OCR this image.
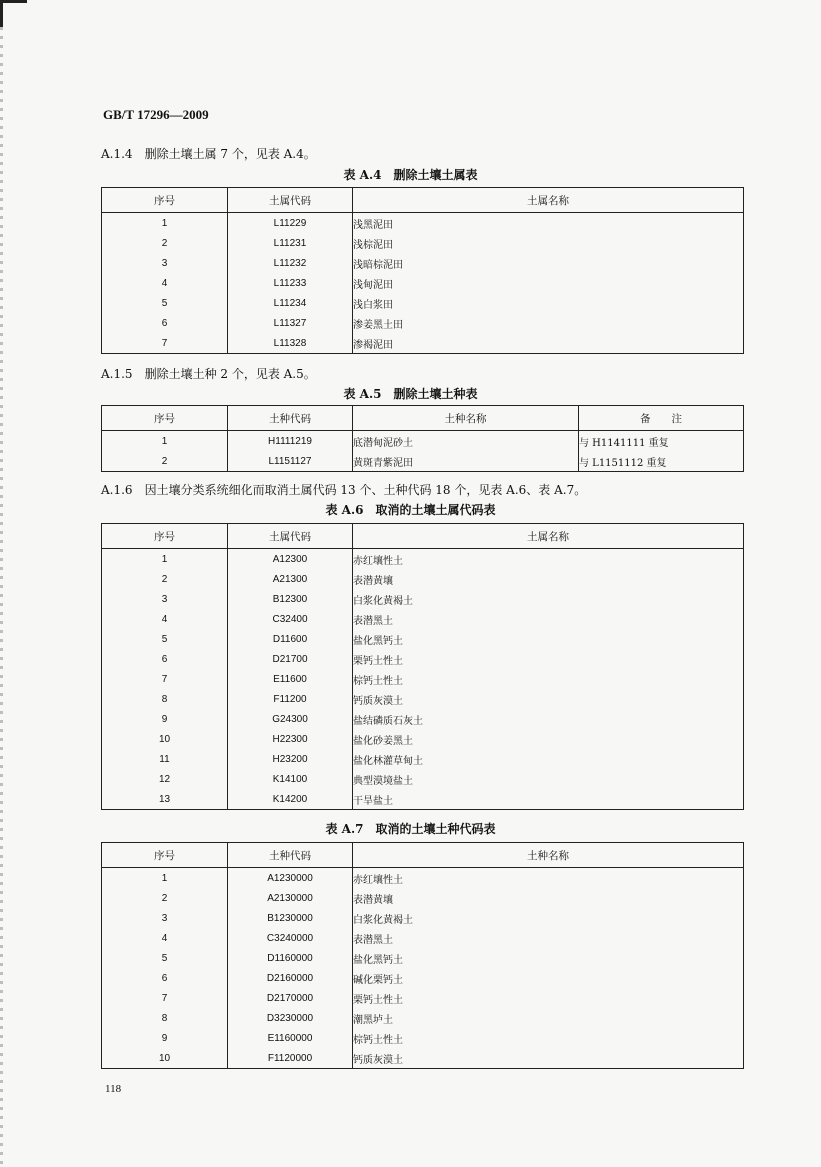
GB/T 17296—2009
A.1.4　删除土壤土属 7 个，见表 A.4。
表 A.4　删除土壤土属表
序号	土属代码	土属名称
1	L11229	浅黑泥田
2	L11231	浅棕泥田
3	L11232	浅暗棕泥田
4	L11233	浅甸泥田
5	L11234	浅白浆田
6	L11327	渗姜黑土田
7	L11328	渗褐泥田
A.1.5　删除土壤土种 2 个，见表 A.5。
表 A.5　删除土壤土种表
序号	土种代码	土种名称	备　　注
1	H1111219	底潜甸泥砂土	与 H1141111 重复
2	L1151127	黄斑青紫泥田	与 L1151112 重复
A.1.6　因土壤分类系统细化而取消土属代码 13 个、土种代码 18 个，见表 A.6、表 A.7。
表 A.6　取消的土壤土属代码表
序号	土属代码	土属名称
1	A12300	赤红壤性土
2	A21300	表潜黄壤
3	B12300	白浆化黄褐土
4	C32400	表潜黑土
5	D11600	盐化黑钙土
6	D21700	栗钙土性土
7	E11600	棕钙土性土
8	F11200	钙质灰漠土
9	G24300	盐结磷质石灰土
10	H22300	盐化砂姜黑土
11	H23200	盐化林灌草甸土
12	K14100	典型漠境盐土
13	K14200	干旱盐土
表 A.7　取消的土壤土种代码表
序号	土种代码	土种名称
1	A1230000	赤红壤性土
2	A2130000	表潜黄壤
3	B1230000	白浆化黄褐土
4	C3240000	表潜黑土
5	D1160000	盐化黑钙土
6	D2160000	碱化栗钙土
7	D2170000	栗钙土性土
8	D3230000	潮黑垆土
9	E1160000	棕钙土性土
10	F1120000	钙质灰漠土
118
